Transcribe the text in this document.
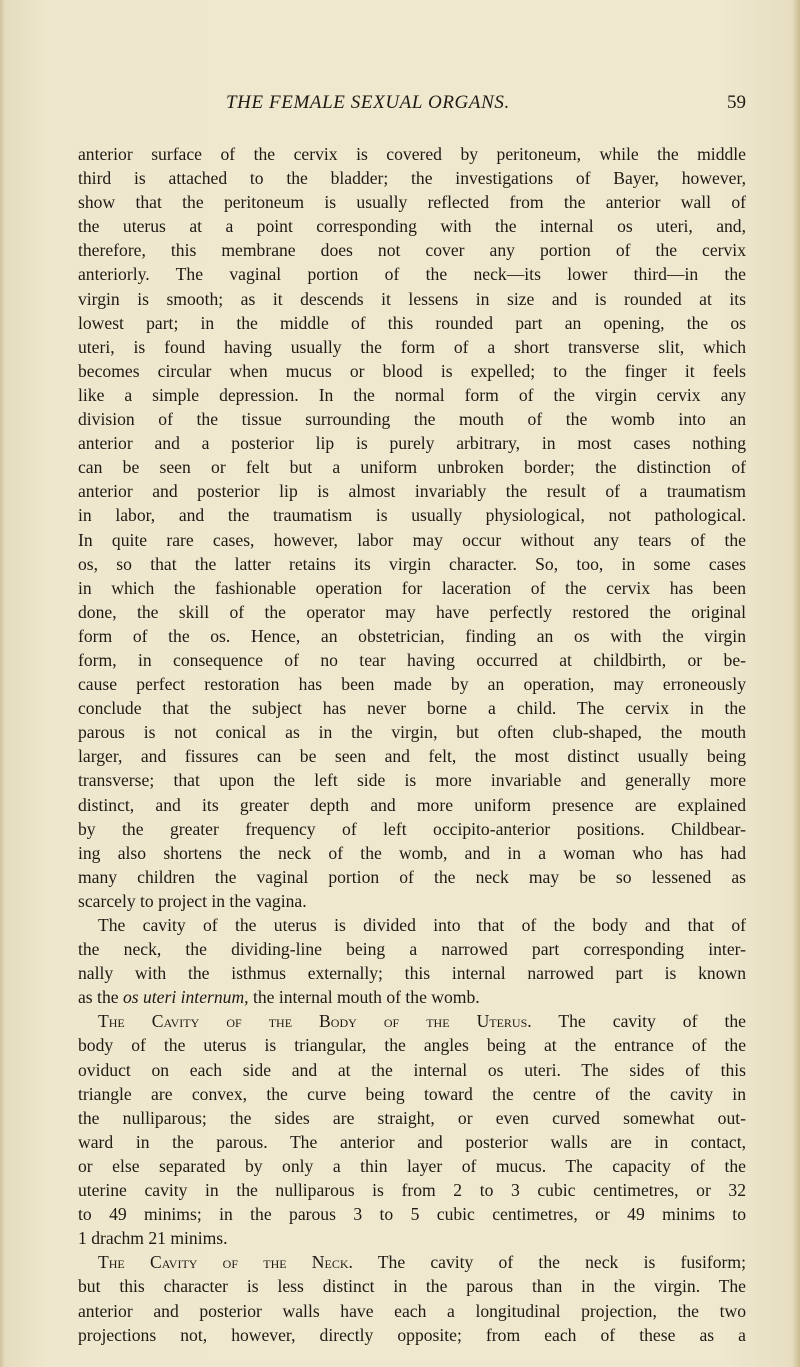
THE FEMALE SEXUAL ORGANS.	59
anterior surface of the cervix is covered by peritoneum, while the middle
third is attached to the bladder; the investigations of Bayer, however,
show that the peritoneum is usually reflected from the anterior wall of
the uterus at a point corresponding with the internal os uteri, and,
therefore, this membrane does not cover any portion of the cervix
anteriorly. The vaginal portion of the neck—its lower third—in the
virgin is smooth; as it descends it lessens in size and is rounded at its
lowest part; in the middle of this rounded part an opening, the os
uteri, is found having usually the form of a short transverse slit, which
becomes circular when mucus or blood is expelled; to the finger it feels
like a simple depression. In the normal form of the virgin cervix any
division of the tissue surrounding the mouth of the womb into an
anterior and a posterior lip is purely arbitrary, in most cases nothing
can be seen or felt but a uniform unbroken border; the distinction of
anterior and posterior lip is almost invariably the result of a traumatism
in labor, and the traumatism is usually physiological, not pathological.
In quite rare cases, however, labor may occur without any tears of the
os, so that the latter retains its virgin character. So, too, in some cases
in which the fashionable operation for laceration of the cervix has been
done, the skill of the operator may have perfectly restored the original
form of the os. Hence, an obstetrician, finding an os with the virgin
form, in consequence of no tear having occurred at childbirth, or be-
cause perfect restoration has been made by an operation, may erroneously
conclude that the subject has never borne a child. The cervix in the
parous is not conical as in the virgin, but often club-shaped, the mouth
larger, and fissures can be seen and felt, the most distinct usually being
transverse; that upon the left side is more invariable and generally more
distinct, and its greater depth and more uniform presence are explained
by the greater frequency of left occipito-anterior positions. Childbear-
ing also shortens the neck of the womb, and in a woman who has had
many children the vaginal portion of the neck may be so lessened as
scarcely to project in the vagina.
The cavity of the uterus is divided into that of the body and that of
the neck, the dividing-line being a narrowed part corresponding inter-
nally with the isthmus externally; this internal narrowed part is known
as the os uteri internum, the internal mouth of the womb.
The Cavity of the Body of the Uterus. The cavity of the
body of the uterus is triangular, the angles being at the entrance of the
oviduct on each side and at the internal os uteri. The sides of this
triangle are convex, the curve being toward the centre of the cavity in
the nulliparous; the sides are straight, or even curved somewhat out-
ward in the parous. The anterior and posterior walls are in contact,
or else separated by only a thin layer of mucus. The capacity of the
uterine cavity in the nulliparous is from 2 to 3 cubic centimetres, or 32
to 49 minims; in the parous 3 to 5 cubic centimetres, or 49 minims to
1 drachm 21 minims.
The Cavity of the Neck. The cavity of the neck is fusiform;
but this character is less distinct in the parous than in the virgin. The
anterior and posterior walls have each a longitudinal projection, the two
projections not, however, directly opposite; from each of these as a
